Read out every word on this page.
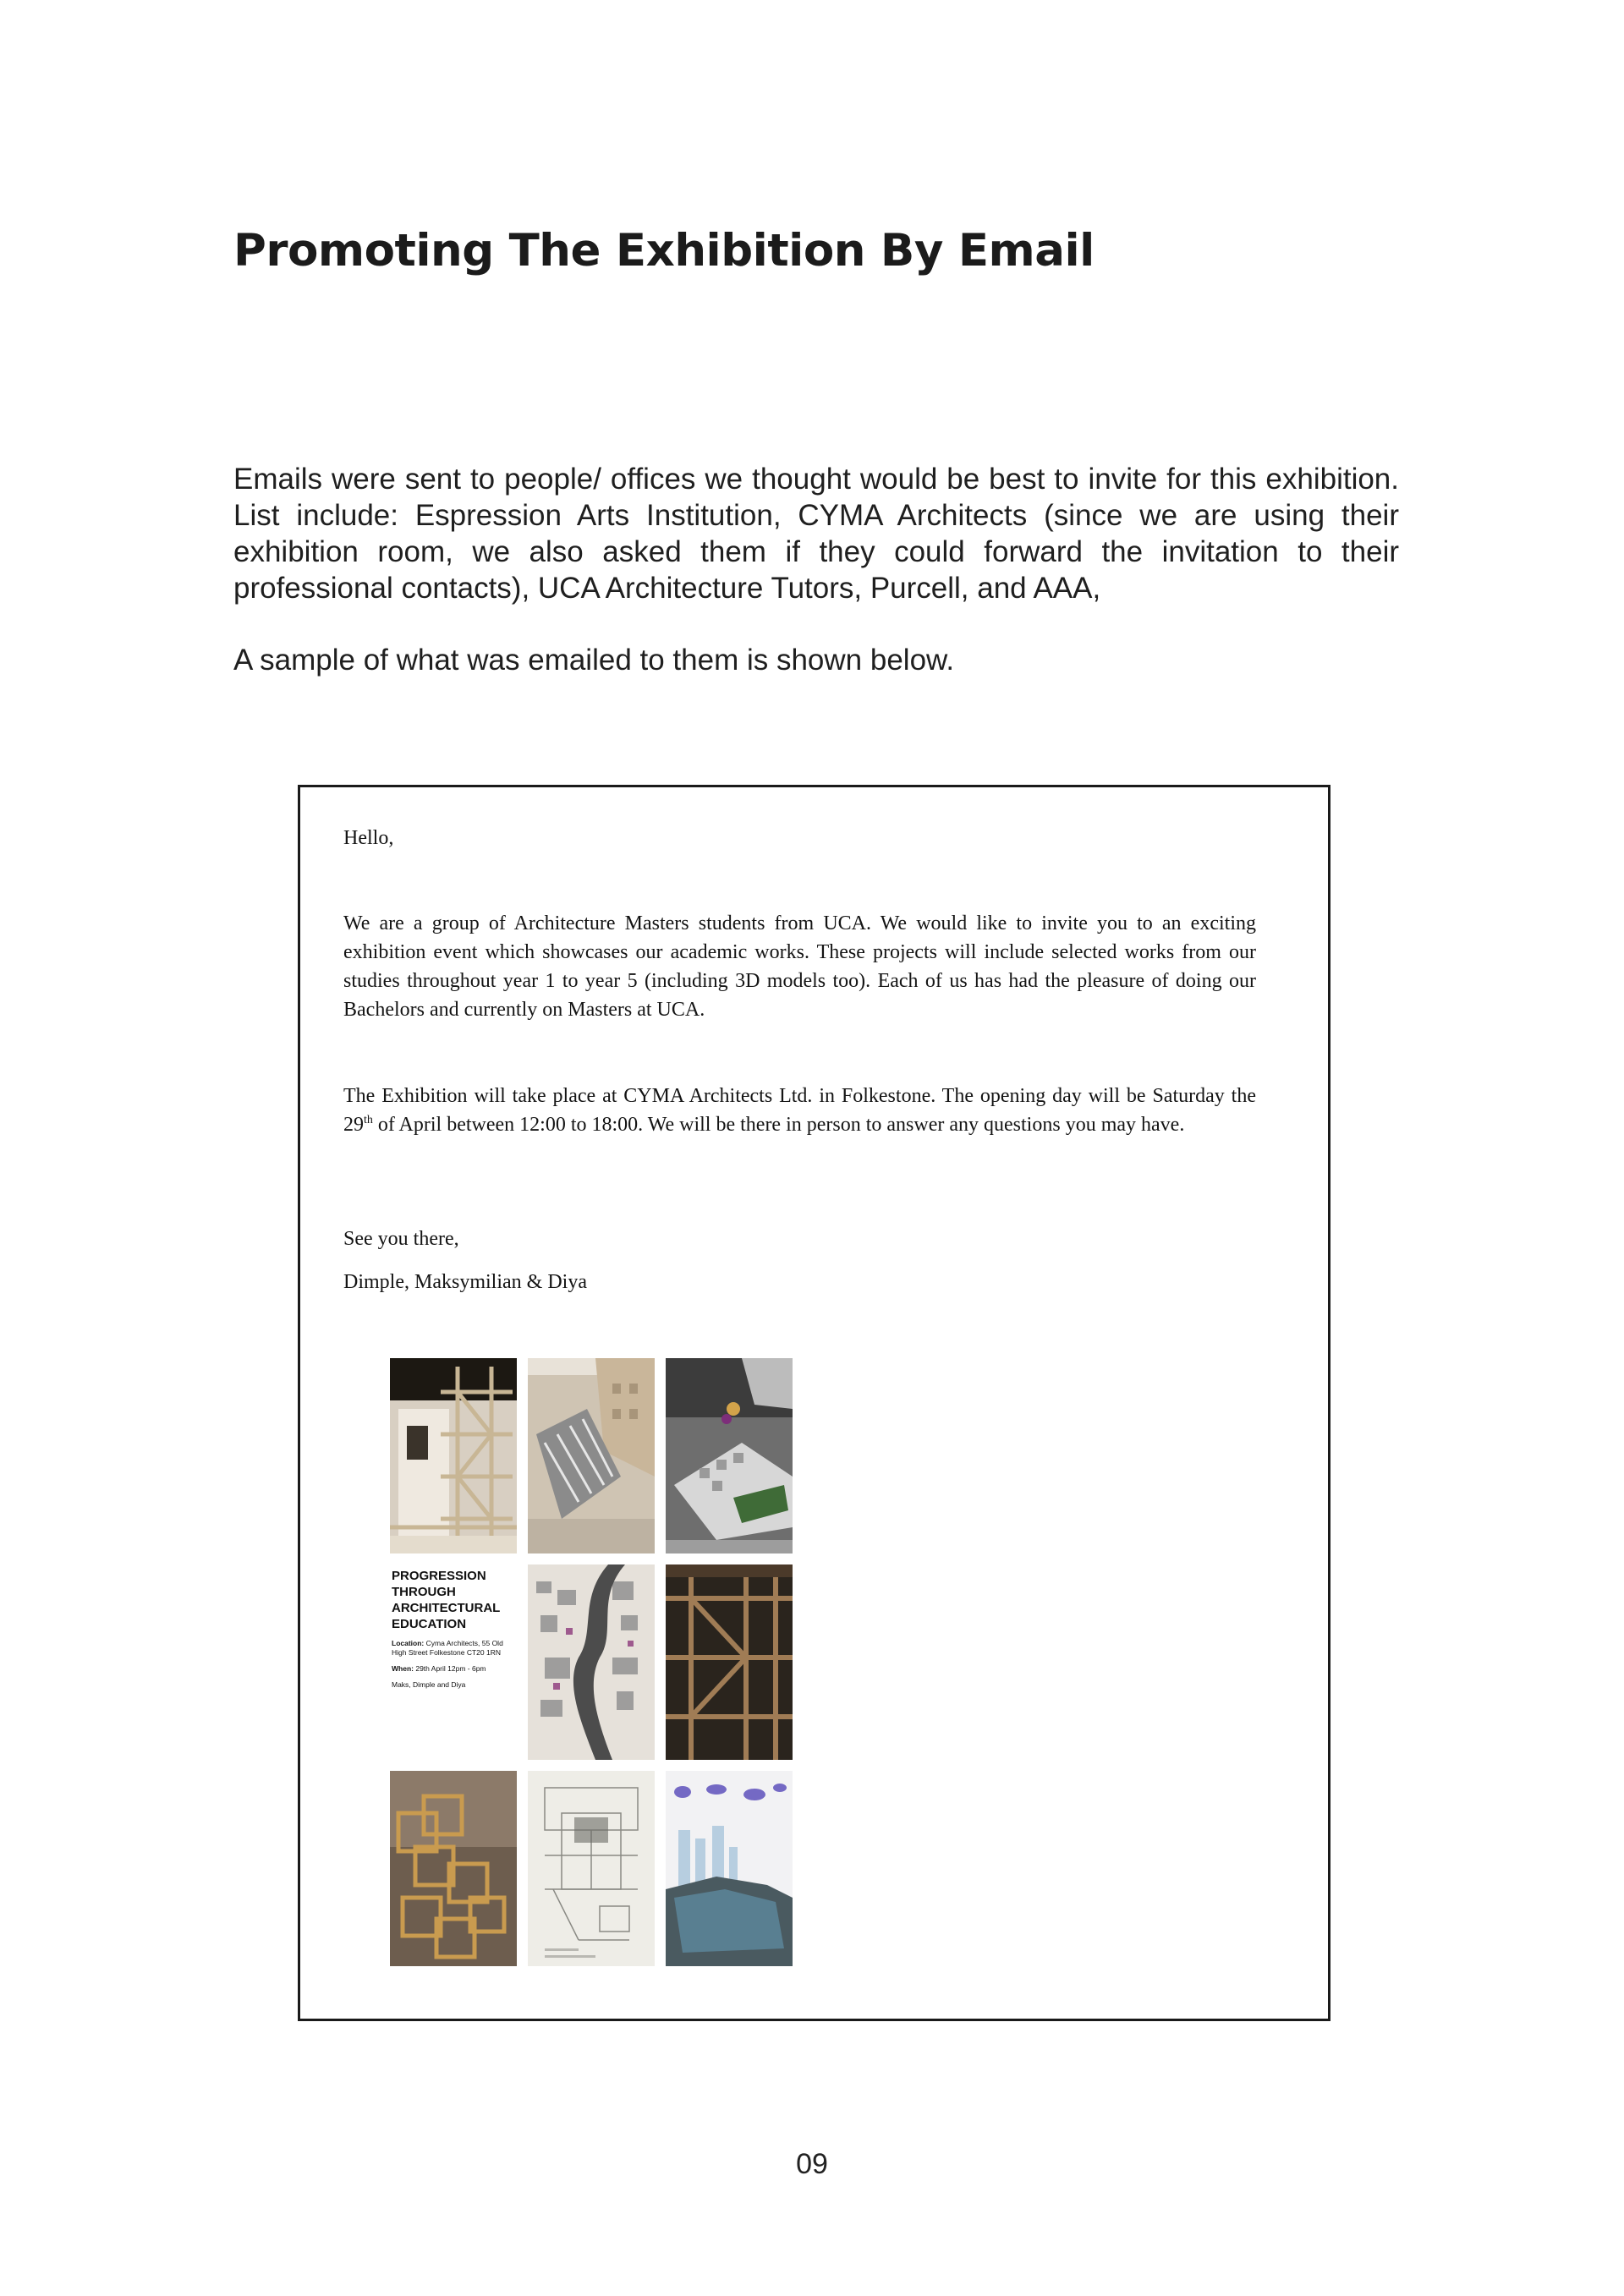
Promoting The Exhibition By Email

Emails were sent to people/ offices we thought would be best to invite for this exhibition. List include: Espression Arts Institution, CYMA Architects (since we are using their exhibition room, we also asked them if they could forward the invitation to their professional contacts), UCA Architecture Tutors, Purcell, and AAA,

A sample of what was emailed to them is shown below.

Hello,

We are a group of Architecture Masters students from UCA. We would like to invite you to an exciting exhibition event which showcases our academic works. These projects will include selected works from our studies throughout year 1 to year 5 (including 3D models too). Each of us has had the pleasure of doing our Bachelors and currently on Masters at UCA.

The Exhibition will take place at CYMA Architects Ltd. in Folkestone. The opening day will be Saturday the 29th of April between 12:00 to 18:00. We will be there in person to answer any questions you may have.

See you there,

Dimple, Maksymilian & Diya

PROGRESSION THROUGH ARCHITECTURAL EDUCATION
Location: Cyma Architects, 55 Old High Street Folkestone CT20 1RN
When: 29th April 12pm - 6pm
Maks, Dimple and Diya

09
